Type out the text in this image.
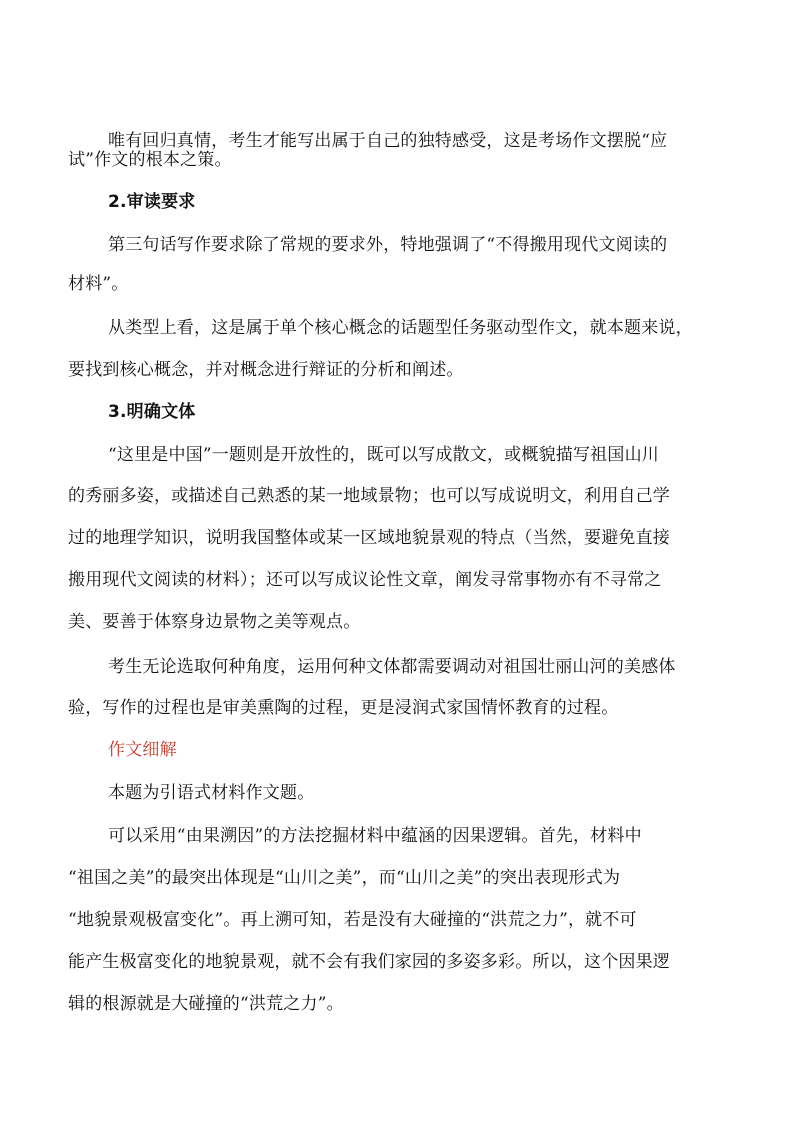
唯有回归真情，考生才能写出属于自己的独特感受，这是考场作文摆脱“应
试”作文的根本之策。
2.审读要求
第三句话写作要求除了常规的要求外，特地强调了“不得搬用现代文阅读的
材料”。
从类型上看，这是属于单个核心概念的话题型任务驱动型作文，就本题来说，
要找到核心概念，并对概念进行辩证的分析和阐述。
3.明确文体
“这里是中国”一题则是开放性的，既可以写成散文，或概貌描写祖国山川
的秀丽多姿，或描述自己熟悉的某一地域景物；也可以写成说明文，利用自己学
过的地理学知识，说明我国整体或某一区域地貌景观的特点（当然，要避免直接
搬用现代文阅读的材料）；还可以写成议论性文章，阐发寻常事物亦有不寻常之
美、要善于体察身边景物之美等观点。
考生无论选取何种角度，运用何种文体都需要调动对祖国壮丽山河的美感体
验，写作的过程也是审美熏陶的过程，更是浸润式家国情怀教育的过程。
作文细解
本题为引语式材料作文题。
可以采用“由果溯因”的方法挖掘材料中蕴涵的因果逻辑。首先，材料中
“祖国之美”的最突出体现是“山川之美”，而“山川之美”的突出表现形式为
“地貌景观极富变化”。再上溯可知，若是没有大碰撞的“洪荒之力”，就不可
能产生极富变化的地貌景观，就不会有我们家园的多姿多彩。所以，这个因果逻
辑的根源就是大碰撞的“洪荒之力”。
